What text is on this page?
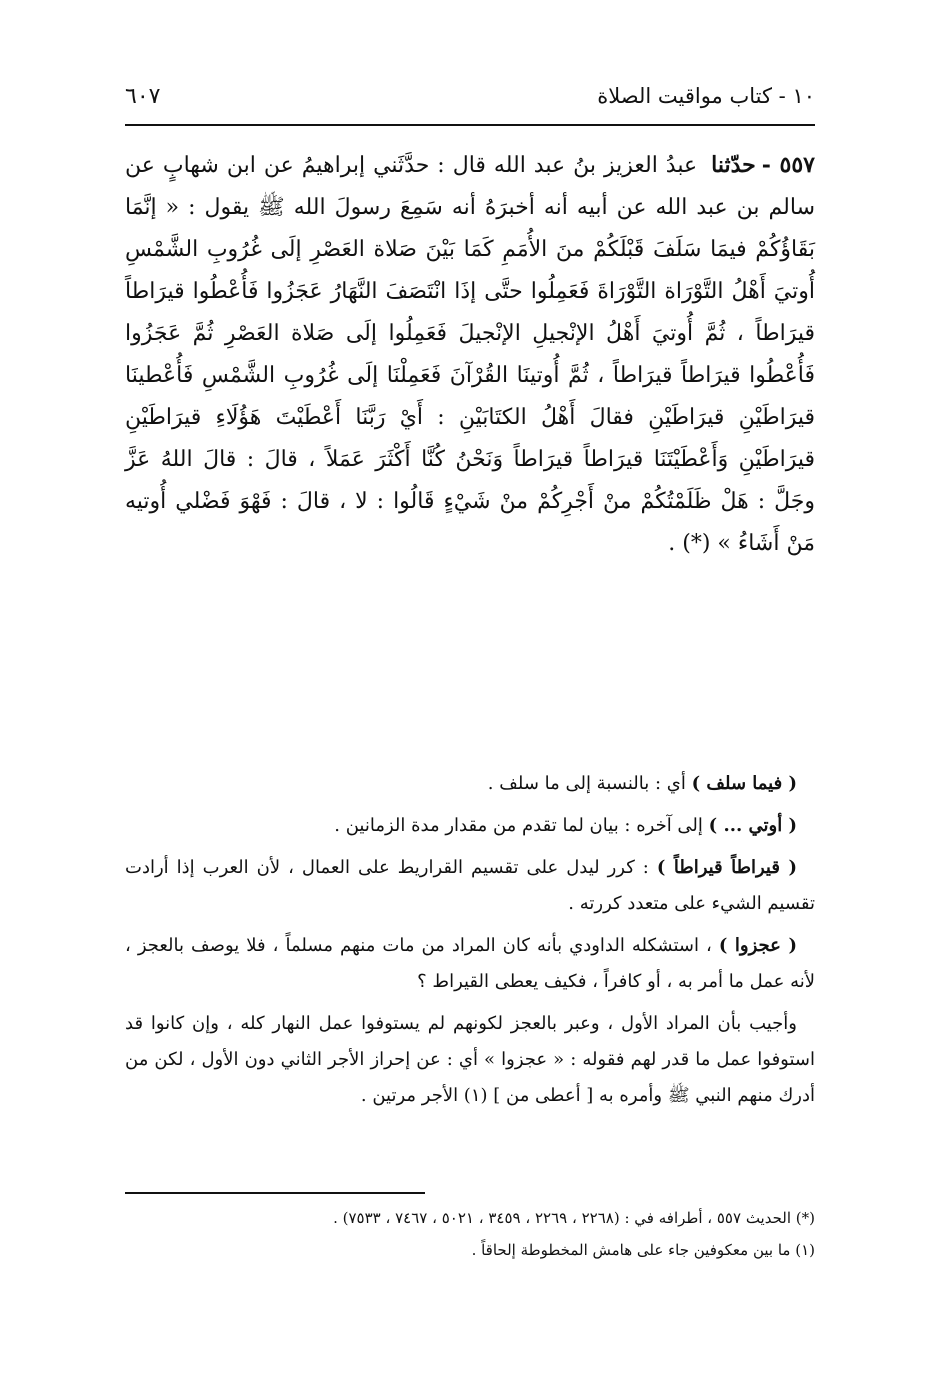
١٠ - كتاب مواقيت الصلاة
٦٠٧
٥٥٧ -حدّثنا عبدُ العزيز بنُ عبد الله قال : حدَّثَني إبراهيمُ عن ابن شهابٍ عن سالم بن عبد الله عن أبيه أنه أخبرَهُ أنه سَمِعَ رسولَ الله ﷺ يقول : « إنَّمَا بَقَاؤُكُمْ فيمَا سَلَفَ قَبْلَكُمْ منَ الأُمَمِ كَمَا بَيْنَ صَلاة العَصْرِ إلَى غُرُوبِ الشَّمْسِ أُوتيَ أَهْلُ التَّوْرَاة التَّوْرَاةَ فَعَمِلُوا حتَّى إذَا انْتَصَفَ النَّهَارُ عَجَزُوا فَأُعْطُوا قيرَاطاً قيرَاطاً ، ثُمَّ أُوتيَ أَهْلُ الإنْجيلِ الإنْجيلَ فَعَمِلُوا إلَى صَلاة العَصْرِ ثُمَّ عَجَزُوا فَأُعْطُوا قيرَاطاً قيرَاطاً ، ثُمَّ أُوتينَا القُرْآنَ فَعَمِلْنَا إلَى غُرُوبِ الشَّمْسِ فَأُعْطينَا قيرَاطَيْنِ قيرَاطَيْنِ فقالَ أَهْلُ الكتَابَيْنِ : أَيْ رَبَّنَا أَعْطَيْتَ هَؤُلَاءِ قيرَاطَيْنِ قيرَاطَيْنِ وَأَعْطَيْتَنَا قيرَاطاً قيرَاطاً وَنَحْنُ كُنَّا أَكْثَرَ عَمَلاً ، قالَ : قالَ اللهُ عَزَّ وجَلَّ : هَلْ ظَلَمْتُكُمْ منْ أَجْرِكُمْ منْ شَيْءٍ قَالُوا : لا ، قالَ : فَهْوَ فَضْلي أُوتيه مَنْ أَشَاءُ » (*) .

( فيما سلف ) أي : بالنسبة إلى ما سلف .

( أوتي ... ) إلى آخره : بيان لما تقدم من مقدار مدة الزمانين .

( قيراطاً قيراطاً ) : كرر ليدل على تقسيم القراريط على العمال ، لأن العرب إذا أرادت تقسيم الشيء على متعدد كررته .

( عجزوا ) ، استشكله الداودي بأنه كان المراد من مات منهم مسلماً ، فلا يوصف بالعجز ، لأنه عمل ما أمر به ، أو كافراً ، فكيف يعطى القيراط ؟

وأجيب بأن المراد الأول ، وعبر بالعجز لكونهم لم يستوفوا عمل النهار كله ، وإن كانوا قد استوفوا عمل ما قدر لهم فقوله : « عجزوا » أي : عن إحراز الأجر الثاني دون الأول ، لكن من أدرك منهم النبي ﷺ وأمره به [ أعطى من ] (١) الأجر مرتين .

(*) الحديث ٥٥٧ ، أطرافه في : (٢٢٦٨ ، ٢٢٦٩ ، ٣٤٥٩ ، ٥٠٢١ ، ٧٤٦٧ ، ٧٥٣٣) .

(١) ما بين معكوفين جاء على هامش المخطوطة إلحاقاً .
